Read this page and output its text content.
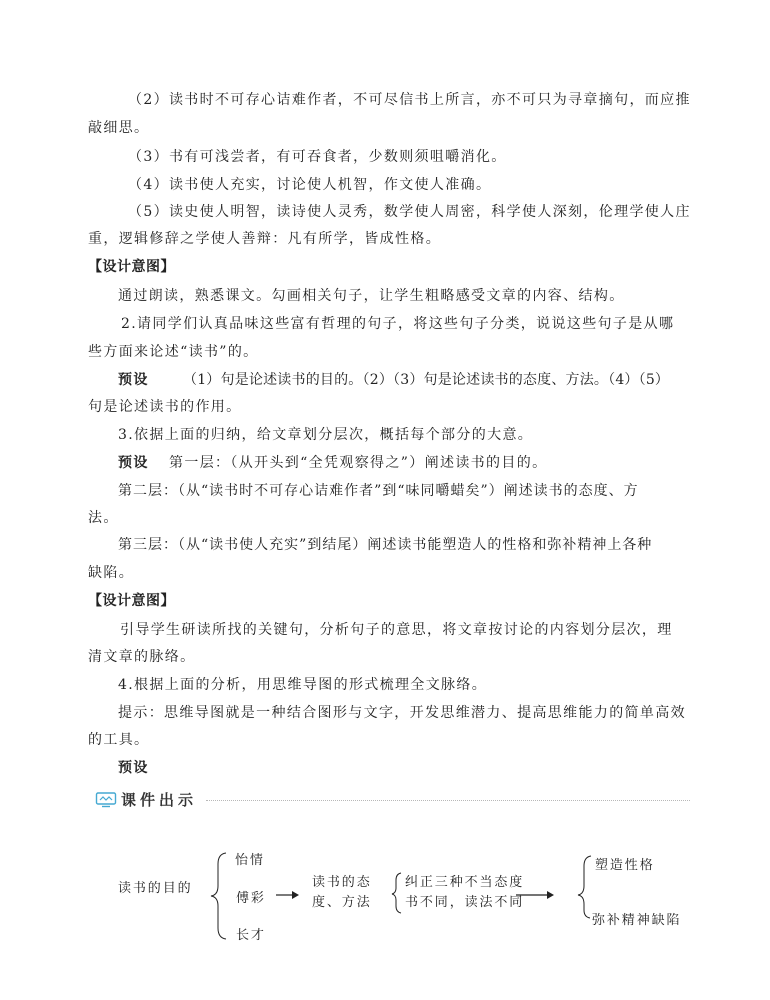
（2）读书时不可存心诘难作者，不可尽信书上所言，亦不可只为寻章摘句，而应推
敲细思。
（3）书有可浅尝者，有可吞食者，少数则须咀嚼消化。
（4）读书使人充实，讨论使人机智，作文使人准确。
（5）读史使人明智，读诗使人灵秀，数学使人周密，科学使人深刻，伦理学使人庄
重，逻辑修辞之学使人善辩：凡有所学，皆成性格。
【设计意图】
通过朗读，熟悉课文。勾画相关句子，让学生粗略感受文章的内容、结构。
2.请同学们认真品味这些富有哲理的句子，将这些句子分类，说说这些句子是从哪
些方面来论述“读书”的。
预设 （1）句是论述读书的目的。（2）（3）句是论述读书的态度、方法。（4）（5）
句是论述读书的作用。
3.依据上面的归纳，给文章划分层次，概括每个部分的大意。
预设 第一层：（从开头到“全凭观察得之”）阐述读书的目的。
第二层：（从“读书时不可存心诘难作者”到“味同嚼蜡矣”）阐述读书的态度、方
法。
第三层：（从“读书使人充实”到结尾）阐述读书能塑造人的性格和弥补精神上各种
缺陷。
【设计意图】
引导学生研读所找的关键句，分析句子的意思，将文章按讨论的内容划分层次，理
清文章的脉络。
4.根据上面的分析，用思维导图的形式梳理全文脉络。
提示：思维导图就是一种结合图形与文字，开发思维潜力、提高思维能力的简单高效
的工具。
预设
课件出示
读书的目的
怡情
傅彩
长才
读书的态
度、方法
纠正三种不当态度
书不同，读法不同
塑造性格
弥补精神缺陷
